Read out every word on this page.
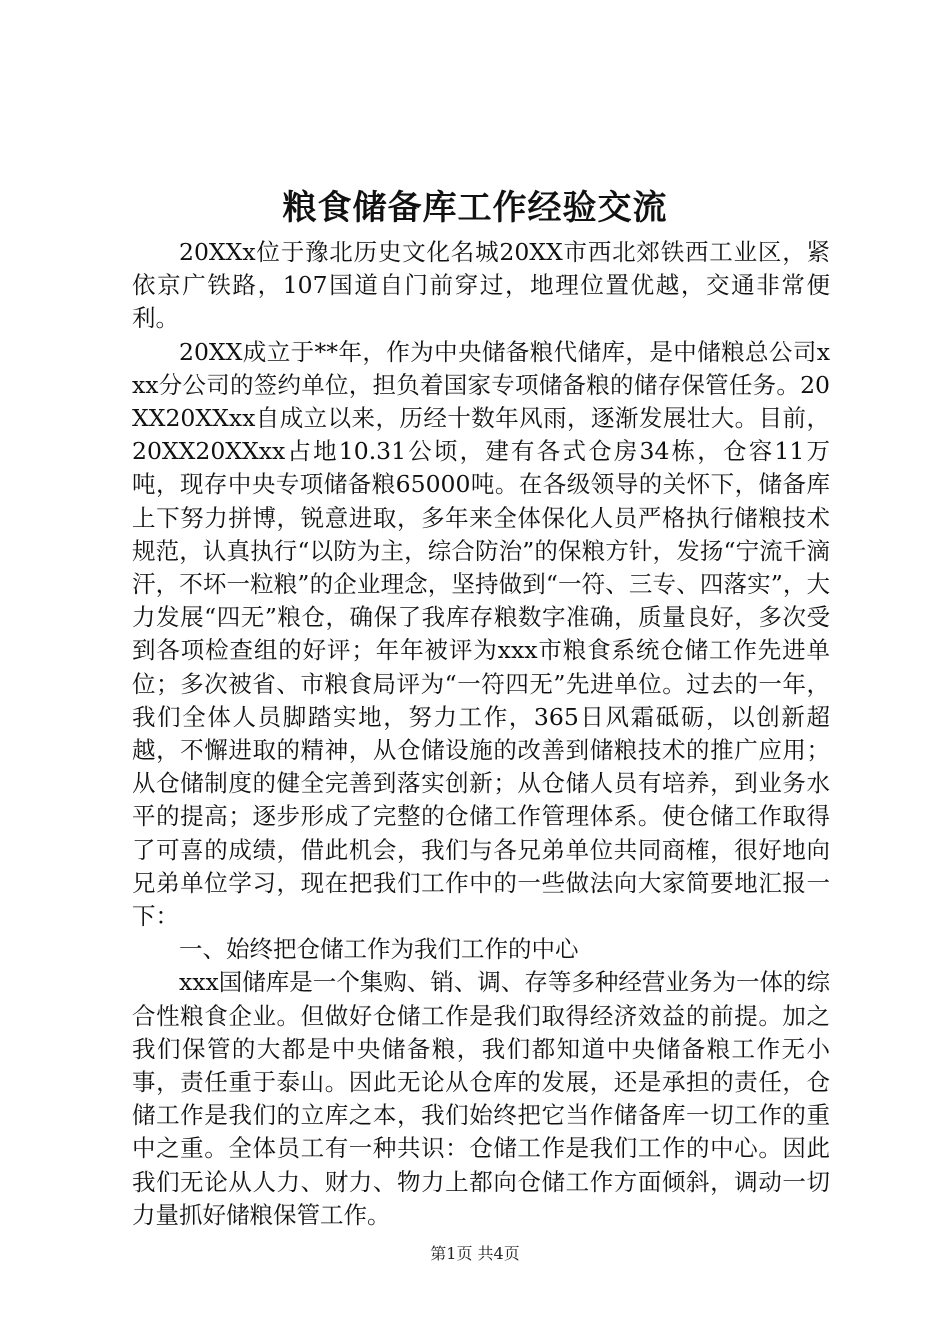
粮食储备库工作经验交流

20XXx位于豫北历史文化名城20XX市西北郊铁西工业区，紧依京广铁路，107国道自门前穿过，地理位置优越，交通非常便利。

20XX成立于**年，作为中央储备粮代储库，是中储粮总公司xxx分公司的签约单位，担负着国家专项储备粮的储存保管任务。20XX20XXxx自成立以来，历经十数年风雨，逐渐发展壮大。目前，20XX20XXxx占地10.31公顷，建有各式仓房34栋，仓容11万吨，现存中央专项储备粮65000吨。在各级领导的关怀下，储备库上下努力拼博，锐意进取，多年来全体保化人员严格执行储粮技术规范，认真执行“以防为主，综合防治”的保粮方针，发扬“宁流千滴汗，不坏一粒粮”的企业理念，坚持做到“一符、三专、四落实”，大力发展“四无”粮仓，确保了我库存粮数字准确，质量良好，多次受到各项检查组的好评；年年被评为xxx市粮食系统仓储工作先进单位；多次被省、市粮食局评为“一符四无”先进单位。过去的一年，我们全体人员脚踏实地，努力工作，365日风霜砥砺，以创新超越，不懈进取的精神，从仓储设施的改善到储粮技术的推广应用；从仓储制度的健全完善到落实创新；从仓储人员有培养，到业务水平的提高；逐步形成了完整的仓储工作管理体系。使仓储工作取得了可喜的成绩，借此机会，我们与各兄弟单位共同商榷，很好地向兄弟单位学习，现在把我们工作中的一些做法向大家简要地汇报一下：

一、始终把仓储工作为我们工作的中心

xxx国储库是一个集购、销、调、存等多种经营业务为一体的综合性粮食企业。但做好仓储工作是我们取得经济效益的前提。加之我们保管的大都是中央储备粮，我们都知道中央储备粮工作无小事，责任重于泰山。因此无论从仓库的发展，还是承担的责任，仓储工作是我们的立库之本，我们始终把它当作储备库一切工作的重中之重。全体员工有一种共识：仓储工作是我们工作的中心。因此我们无论从人力、财力、物力上都向仓储工作方面倾斜，调动一切力量抓好储粮保管工作。

第1页 共4页
